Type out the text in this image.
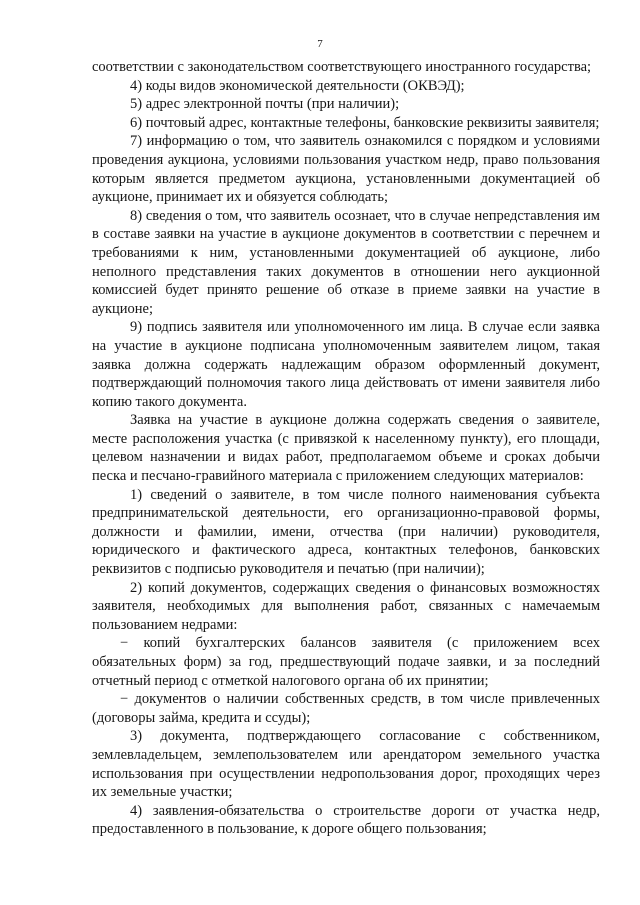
7

соответствии с законодательством соответствующего иностранного государства;

4) коды видов экономической деятельности (ОКВЭД);

5) адрес электронной почты (при наличии);

6) почтовый адрес, контактные телефоны, банковские реквизиты заявителя;

7) информацию о том, что заявитель ознакомился с порядком и условиями проведения аукциона, условиями пользования участком недр, право пользования которым является предметом аукциона, установленными документацией об аукционе, принимает их и обязуется соблюдать;

8) сведения о том, что заявитель осознает, что в случае непредставления им в составе заявки на участие в аукционе документов в соответствии с перечнем и требованиями к ним, установленными документацией об аукционе, либо неполного представления таких документов в отношении него аукционной комиссией будет принято решение об отказе в приеме заявки на участие в аукционе;

9) подпись заявителя или уполномоченного им лица. В случае если заявка на участие в аукционе подписана уполномоченным заявителем лицом, такая заявка должна содержать надлежащим образом оформленный документ, подтверждающий полномочия такого лица действовать от имени заявителя либо копию такого документа.

Заявка на участие в аукционе должна содержать сведения о заявителе, месте расположения участка (с привязкой к населенному пункту), его площади, целевом назначении и видах работ, предполагаемом объеме и сроках добычи песка и песчано-гравийного материала с приложением следующих материалов:

1) сведений о заявителе, в том числе полного наименования субъекта предпринимательской деятельности, его организационно-правовой формы, должности и фамилии, имени, отчества (при наличии) руководителя, юридического и фактического адреса, контактных телефонов, банковских реквизитов с подписью руководителя и печатью (при наличии);

2) копий документов, содержащих сведения о финансовых возможностях заявителя, необходимых для выполнения работ, связанных с намечаемым пользованием недрами:

− копий бухгалтерских балансов заявителя (с приложением всех обязательных форм) за год, предшествующий подаче заявки, и за последний отчетный период с отметкой налогового органа об их принятии;

− документов о наличии собственных средств, в том числе привлеченных (договоры займа, кредита и ссуды);

3) документа, подтверждающего согласование с собственником, землевладельцем, землепользователем или арендатором земельного участка использования при осуществлении недропользования дорог, проходящих через их земельные участки;

4) заявления-обязательства о строительстве дороги от участка недр, предоставленного в пользование, к дороге общего пользования;
